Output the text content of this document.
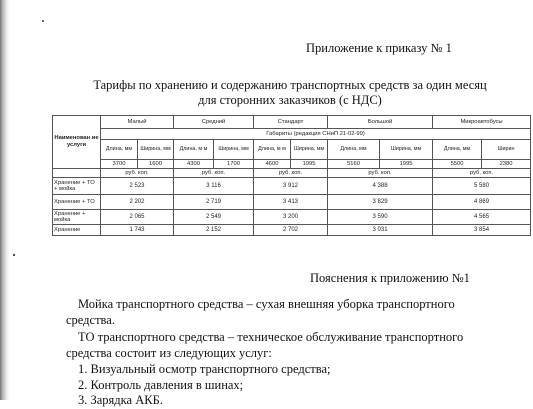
Приложение к приказу № 1
Тарифы по хранению и содержанию транспортных средств за один месяц
для сторонних заказчиков (с НДС)
Наименован ие услуги	Малый		Средний		Стандарт		Большой		Микроавтобусы	
	Габариты (редакция СНиП 21-02-99)									
	Длина, мм	Ширина, мм	Длина, м м	Ширина, мм	Длина, м м	Ширина, мм	Длина, мм	Ширина, мм	Длина, мм	Ширин
	3700	1600	4300	1700	4600	1995	5160	1995	5500	2380
	руб. коп.		руб. коп.		руб. коп.		руб. коп.		руб. коп.	
Хранение + ТО + мойка	2 523		3 116		3 912		4 388		5 580	
Хранение + ТО	2 202		2 719		3 413		3 829		4 869	
Хранение + мойка	2 065		2 549		3 200		3 590		4 565	
Хранение	1 743		2 152		2 702		3 031		3 854	
Пояснения к приложению №1
Мойка транспортного средства – сухая внешняя уборка транспортного
средства.
ТО транспортного средства – техническое обслуживание транспортного
средства состоит из следующих услуг:
1. Визуальный осмотр транспортного средства;
2. Контроль давления в шинах;
3. Зарядка АКБ.
